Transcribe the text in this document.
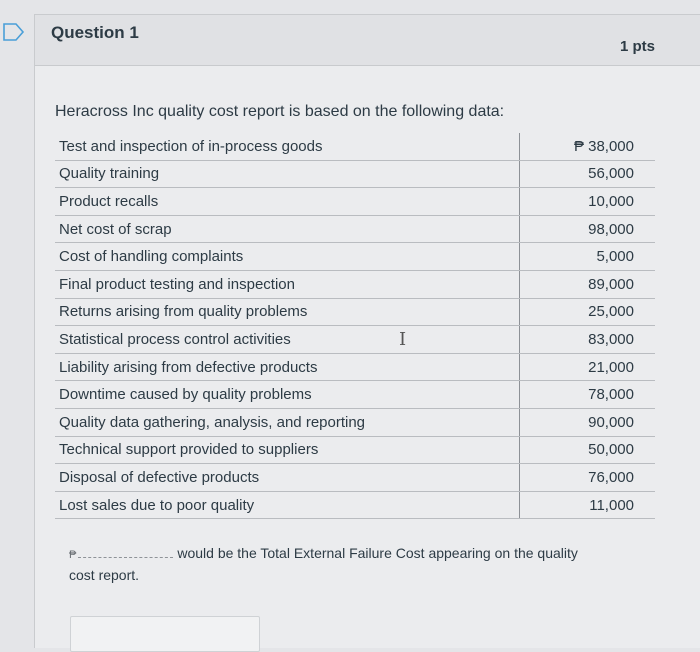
Question 1
1 pts
Heracross Inc quality cost report is based on the following data:
Test and inspection of in-process goods	₱ 38,000
Quality training	56,000
Product recalls	10,000
Net cost of scrap	98,000
Cost of handling complaints	5,000
Final product testing and inspection	89,000
Returns arising from quality problems	25,000
Statistical process control activities	83,000
Liability arising from defective products	21,000
Downtime caused by quality problems	78,000
Quality data gathering, analysis, and reporting	90,000
Technical support provided to suppliers	50,000
Disposal of defective products	76,000
Lost sales due to poor quality	11,000
I
₱	would be the Total External Failure Cost appearing on the quality
cost report.
